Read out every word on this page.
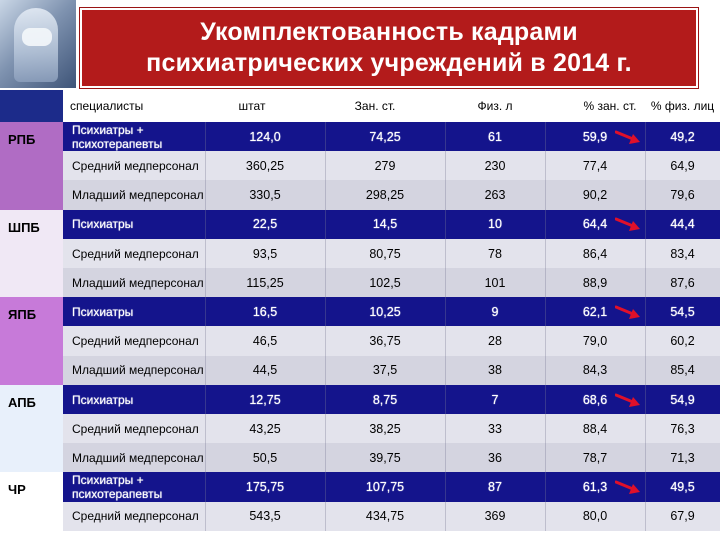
Укомплектованность кадрами
психиатрических учреждений в 2014 г.
специалисты	штат	Зан. ст.	Физ. л	% зан. ст.	% физ. лиц
РПБ
Психиатры + психотерапевты	124,0	74,25	61	59,9	49,2
Средний медперсонал	360,25	279	230	77,4	64,9
Младший медперсонал	330,5	298,25	263	90,2	79,6
ШПБ	Психиатры	22,5	14,5	10	64,4	44,4
Средний медперсонал	93,5	80,75	78	86,4	83,4
Младший медперсонал	115,25	102,5	101	88,9	87,6
ЯПБ	Психиатры	16,5	10,25	9	62,1	54,5
Средний медперсонал	46,5	36,75	28	79,0	60,2
Младший медперсонал	44,5	37,5	38	84,3	85,4
АПБ	Психиатры	12,75	8,75	7	68,6	54,9
Средний медперсонал	43,25	38,25	33	88,4	76,3
Младший медперсонал	50,5	39,75	36	78,7	71,3
ЧР
Психиатры + психотерапевты	175,75	107,75	87	61,3	49,5
Средний медперсонал	543,5	434,75	369	80,0	67,9
